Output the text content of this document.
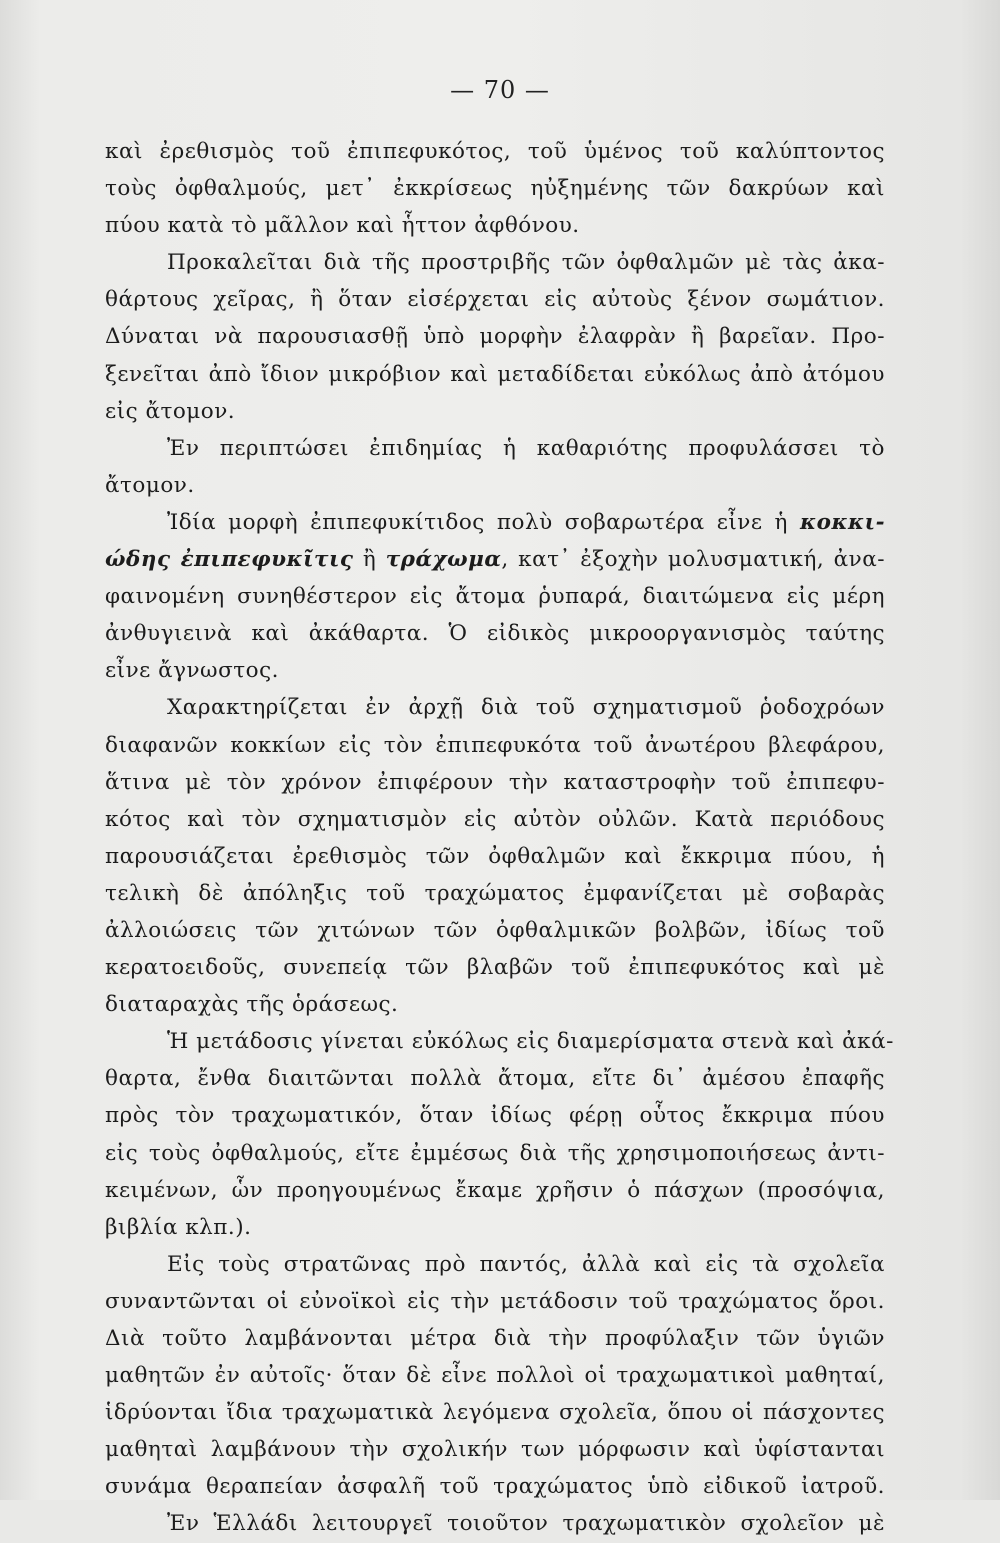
— 70 —
καὶ ἐρεθισμὸς τοῦ ἐπιπεφυκότος, τοῦ ὑμένος τοῦ καλύπτοντος
τοὺς ὀφθαλμούς, μετ᾽ ἐκκρίσεως ηὐξημένης τῶν δακρύων καὶ
πύου κατὰ τὸ μᾶλλον καὶ ἧττον ἀφθόνου.
Προκαλεῖται διὰ τῆς προστριβῆς τῶν ὀφθαλμῶν μὲ τὰς ἀκα-
θάρτους χεῖρας, ἢ ὅταν εἰσέρχεται εἰς αὐτοὺς ξένον σωμάτιον.
Δύναται νὰ παρουσιασθῇ ὑπὸ μορφὴν ἐλαφρὰν ἢ βαρεῖαν. Προ-
ξενεῖται ἀπὸ ἴδιον μικρόβιον καὶ μεταδίδεται εὐκόλως ἀπὸ ἀτόμου
εἰς ἄτομον.
Ἐν περιπτώσει ἐπιδημίας ἡ καθαριότης προφυλάσσει τὸ
ἄτομον.
Ἰδία μορφὴ ἐπιπεφυκίτιδος πολὺ σοβαρωτέρα εἶνε ἡ κοκκι-
ώδης ἐπιπεφυκῖτις ἢ τράχωμα, κατ᾽ ἐξοχὴν μολυσματική, ἀνα-
φαινομένη συνηθέστερον εἰς ἄτομα ῥυπαρά, διαιτώμενα εἰς μέρη
ἀνθυγιεινὰ καὶ ἀκάθαρτα. Ὁ εἰδικὸς μικροοργανισμὸς ταύτης
εἶνε ἄγνωστος.
Χαρακτηρίζεται ἐν ἀρχῇ διὰ τοῦ σχηματισμοῦ ῥοδοχρόων
διαφανῶν κοκκίων εἰς τὸν ἐπιπεφυκότα τοῦ ἀνωτέρου βλεφάρου,
ἅτινα μὲ τὸν χρόνον ἐπιφέρουν τὴν καταστροφὴν τοῦ ἐπιπεφυ-
κότος καὶ τὸν σχηματισμὸν εἰς αὐτὸν οὐλῶν. Κατὰ περιόδους
παρουσιάζεται ἐρεθισμὸς τῶν ὀφθαλμῶν καὶ ἔκκριμα πύου, ἡ
τελικὴ δὲ ἀπόληξις τοῦ τραχώματος ἐμφανίζεται μὲ σοβαρὰς
ἀλλοιώσεις τῶν χιτώνων τῶν ὀφθαλμικῶν βολβῶν, ἰδίως τοῦ
κερατοειδοῦς, συνεπείᾳ τῶν βλαβῶν τοῦ ἐπιπεφυκότος καὶ μὲ
διαταραχὰς τῆς ὁράσεως.
Ἡ μετάδοσις γίνεται εὐκόλως εἰς διαμερίσματα στενὰ καὶ ἀκά-
θαρτα, ἔνθα διαιτῶνται πολλὰ ἄτομα, εἴτε δι᾽ ἀμέσου ἐπαφῆς
πρὸς τὸν τραχωματικόν, ὅταν ἰδίως φέρῃ οὗτος ἔκκριμα πύου
εἰς τοὺς ὀφθαλμούς, εἴτε ἐμμέσως διὰ τῆς χρησιμοποιήσεως ἀντι-
κειμένων, ὧν προηγουμένως ἔκαμε χρῆσιν ὁ πάσχων (προσόψια,
βιβλία κλπ.).
Εἰς τοὺς στρατῶνας πρὸ παντός, ἀλλὰ καὶ εἰς τὰ σχολεῖα
συναντῶνται οἱ εὐνοϊκοὶ εἰς τὴν μετάδοσιν τοῦ τραχώματος ὅροι.
Διὰ τοῦτο λαμβάνονται μέτρα διὰ τὴν προφύλαξιν τῶν ὑγιῶν
μαθητῶν ἐν αὐτοῖς· ὅταν δὲ εἶνε πολλοὶ οἱ τραχωματικοὶ μαθηταί,
ἱδρύονται ἴδια τραχωματικὰ λεγόμενα σχολεῖα, ὅπου οἱ πάσχοντες
μαθηταὶ λαμβάνουν τὴν σχολικήν των μόρφωσιν καὶ ὑφίστανται
συνάμα θεραπείαν ἀσφαλῆ τοῦ τραχώματος ὑπὸ εἰδικοῦ ἰατροῦ.
Ἐν Ἑλλάδι λειτουργεῖ τοιοῦτον τραχωματικὸν σχολεῖον μὲ
